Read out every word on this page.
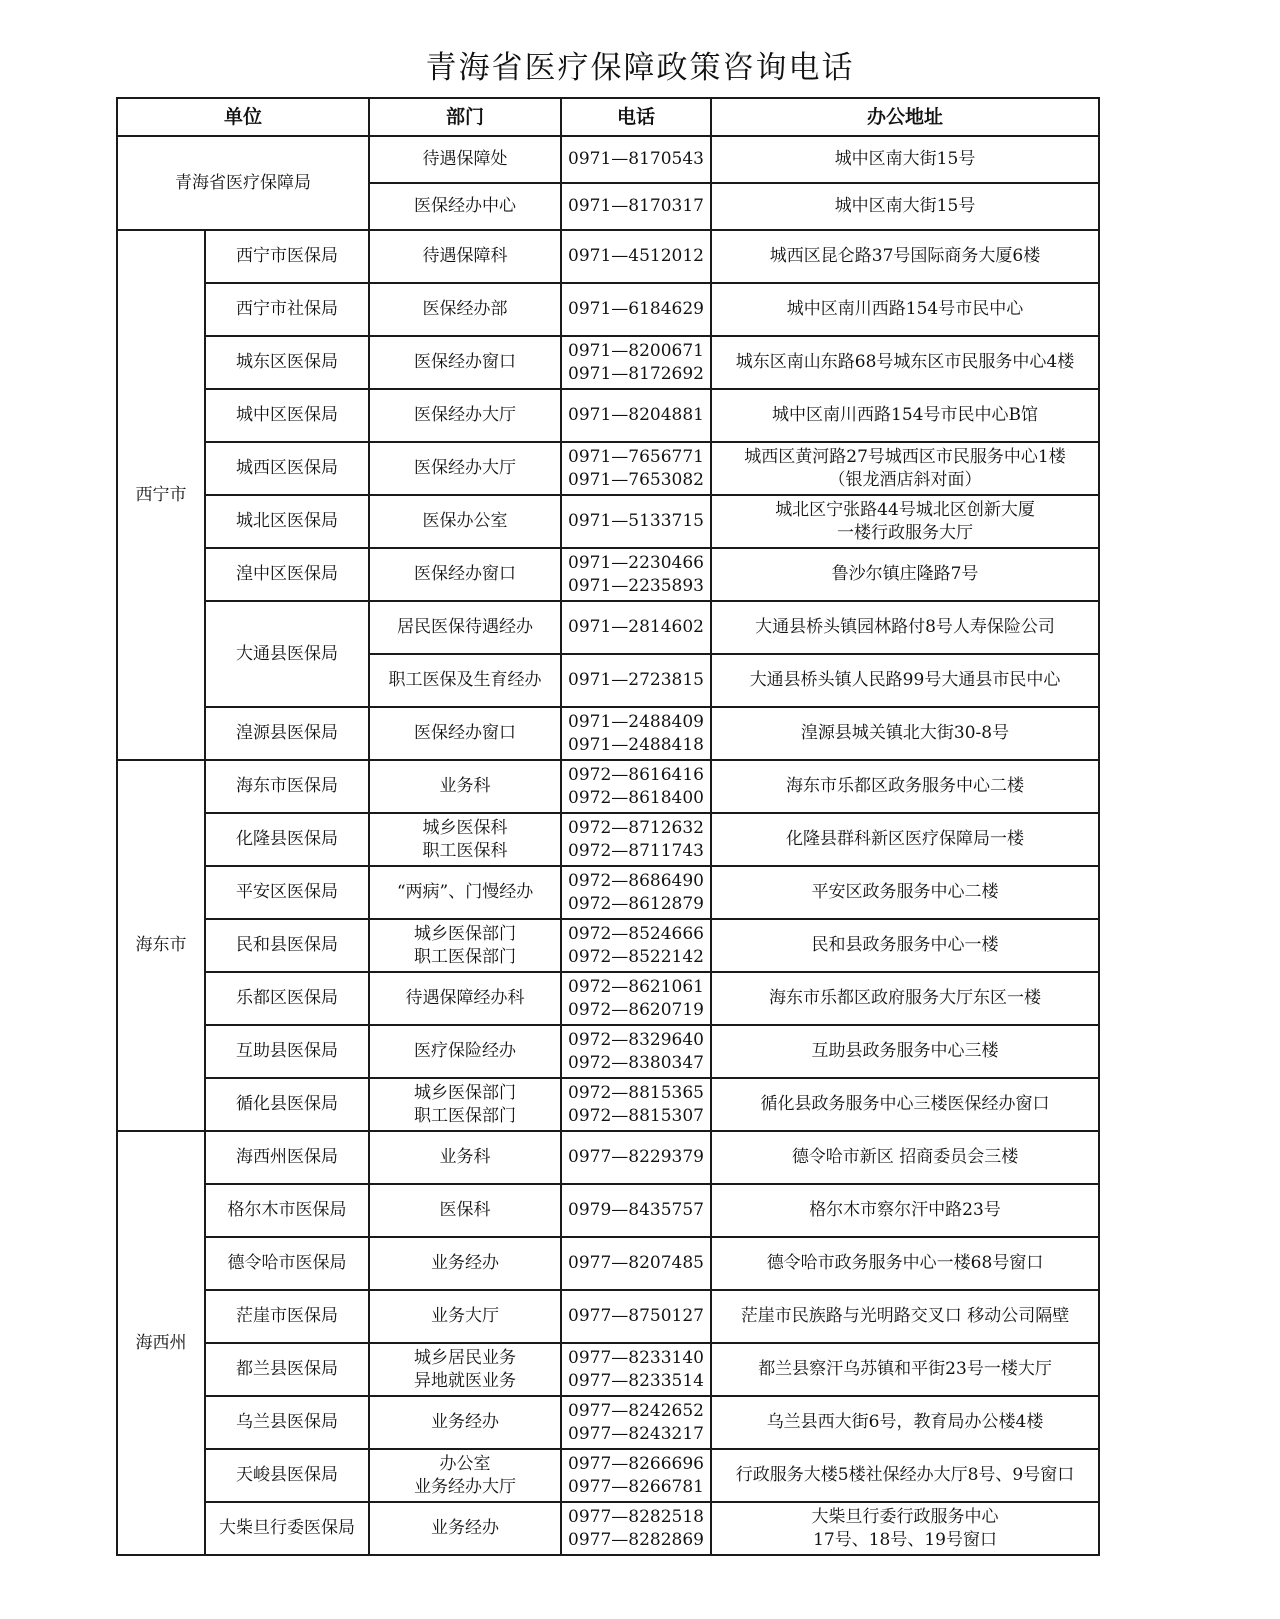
青海省医疗保障政策咨询电话
单位		部门	电话	办公地址
青海省医疗保障局		待遇保障处	0971—8170543	城中区南大街15号

		医保经办中心	0971—8170317	城中区南大街15号

西宁市	西宁市医保局	待遇保障科	0971—4512012	城西区昆仑路37号国际商务大厦6楼

	西宁市社保局	医保经办部	0971—6184629	城中区南川西路154号市民中心

	城东区医保局	医保经办窗口	0971—8200671
0971—8172692	城东区南山东路68号城东区市民服务中心4楼

	城中区医保局	医保经办大厅	0971—8204881	城中区南川西路154号市民中心B馆

	城西区医保局	医保经办大厅	0971—7656771
0971—7653082	城西区黄河路27号城西区市民服务中心1楼
（银龙酒店斜对面）

	城北区医保局	医保办公室	0971—5133715	城北区宁张路44号城北区创新大厦
一楼行政服务大厅

	湟中区医保局	医保经办窗口	0971—2230466
0971—2235893	鲁沙尔镇庄隆路7号

	大通县医保局	居民医保待遇经办	0971—2814602	大通县桥头镇园林路付8号人寿保险公司

		职工医保及生育经办	0971—2723815	大通县桥头镇人民路99号大通县市民中心

	湟源县医保局	医保经办窗口	0971—2488409
0971—2488418	湟源县城关镇北大街30-8号

海东市	海东市医保局	业务科	0972—8616416
0972—8618400	海东市乐都区政务服务中心二楼

	化隆县医保局	城乡医保科
职工医保科	0972—8712632
0972—8711743	化隆县群科新区医疗保障局一楼

	平安区医保局	“两病”、门慢经办	0972—8686490
0972—8612879	平安区政务服务中心二楼

	民和县医保局	城乡医保部门
职工医保部门	0972—8524666
0972—8522142	民和县政务服务中心一楼

	乐都区医保局	待遇保障经办科	0972—8621061
0972—8620719	海东市乐都区政府服务大厅东区一楼

	互助县医保局	医疗保险经办	0972—8329640
0972—8380347	互助县政务服务中心三楼

	循化县医保局	城乡医保部门
职工医保部门	0972—8815365
0972—8815307	循化县政务服务中心三楼医保经办窗口

海西州	海西州医保局	业务科	0977—8229379	德令哈市新区 招商委员会三楼

	格尔木市医保局	医保科	0979—8435757	格尔木市察尔汗中路23号

	德令哈市医保局	业务经办	0977—8207485	德令哈市政务服务中心一楼68号窗口

	茫崖市医保局	业务大厅	0977—8750127	茫崖市民族路与光明路交叉口 移动公司隔壁

	都兰县医保局	城乡居民业务
异地就医业务	0977—8233140
0977—8233514	都兰县察汗乌苏镇和平街23号一楼大厅

	乌兰县医保局	业务经办	0977—8242652
0977—8243217	乌兰县西大街6号，教育局办公楼4楼

	天峻县医保局	办公室
业务经办大厅	0977—8266696
0977—8266781	行政服务大楼5楼社保经办大厅8号、9号窗口

	大柴旦行委医保局	业务经办	0977—8282518
0977—8282869	大柴旦行委行政服务中心
17号、18号、19号窗口
